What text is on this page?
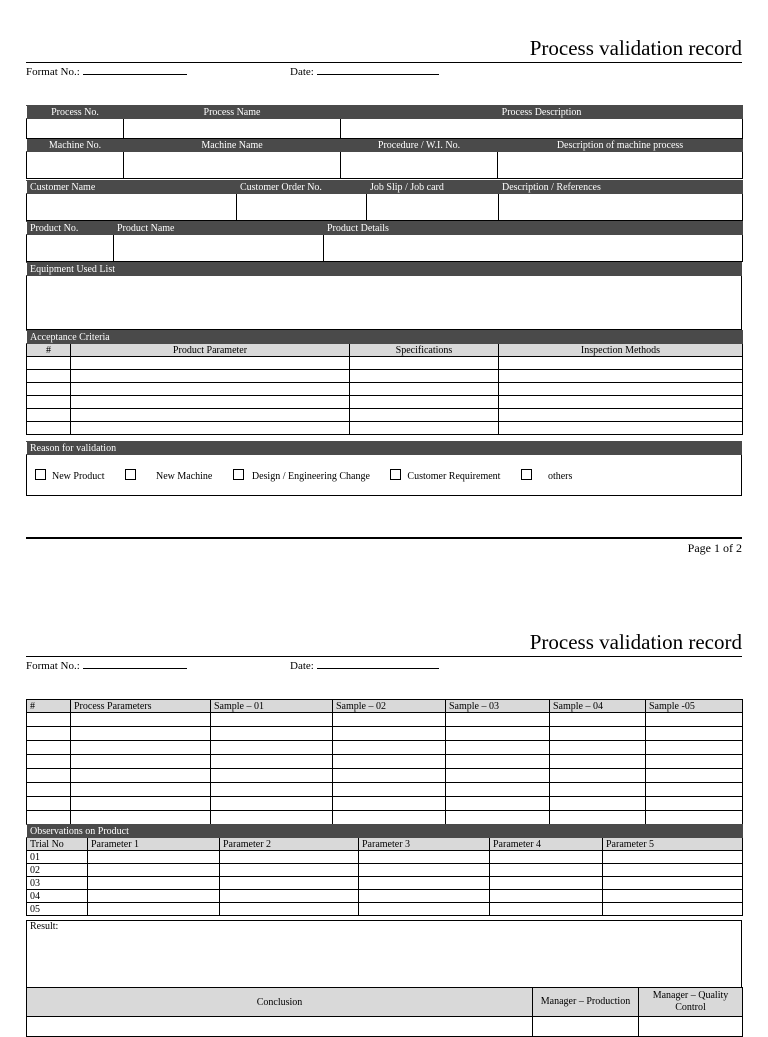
Process validation record
Format No.:	Date:
Process No.	Process Name	Process Description	

Machine No.	Machine Name	Procedure / W.I. No.	Description of machine process

Customer Name	Customer Order No.	Job Slip / Job card	Description / References

Product No.	Product Name	Product Details

Equipment Used List

Acceptance Criteria			
#	Product Parameter	Specifications	Inspection Methods

Reason for validation
New Product	New Machine	Design / Engineering Change	Customer Requirement	others
Page 1 of 2
Process validation record
Format No.:	Date:
#	Process Parameters	Sample – 01	Sample – 02	Sample – 03	Sample – 04	Sample -05

Observations on Product					
Trial No	Parameter 1	Parameter 2	Parameter 3	Parameter 4	Parameter 5
01					
02					
03					
04					
05					
Result:
Conclusion	Manager – Production	Manager – Quality Control
